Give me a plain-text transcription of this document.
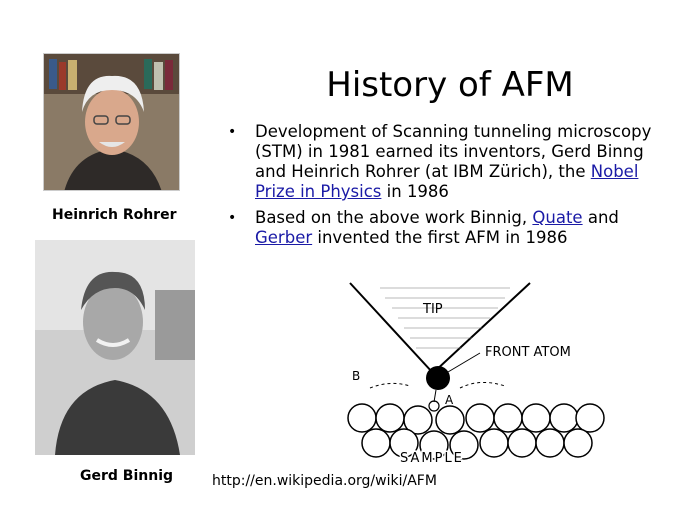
History of AFM
Heinrich Rohrer
Gerd Binnig
• Development of Scanning tunneling microscopy (STM) in 1981 earned its inventors, Gerd Binng and Heinrich Rohrer (at IBM Zürich), the Nobel Prize in Physics in 1986
• Based on the above work Binnig, Quate and Gerber invented the first AFM in 1986
TIP
FRONT ATOM
B
A
SAMPLE
http://en.wikipedia.org/wiki/AFM
